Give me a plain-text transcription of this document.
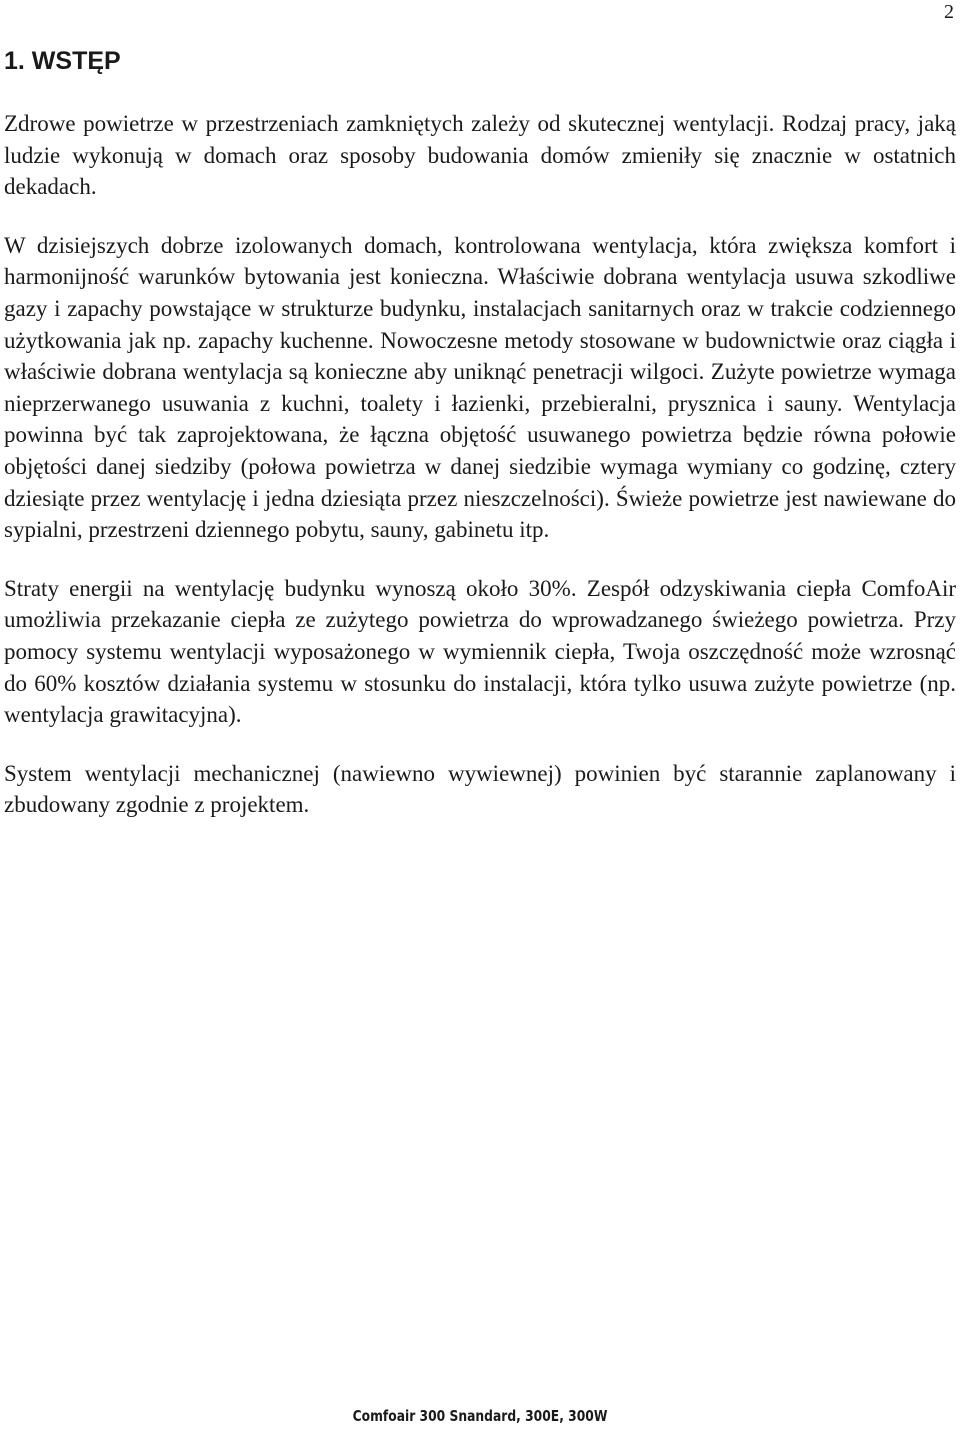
2
1. WSTĘP

Zdrowe powietrze w przestrzeniach zamkniętych zależy od skutecznej wentylacji. Rodzaj pracy, jaką ludzie wykonują w domach oraz sposoby budowania domów zmieniły się znacznie w ostatnich dekadach.

W dzisiejszych dobrze izolowanych domach, kontrolowana wentylacja, która zwiększa komfort i harmonijność warunków bytowania jest konieczna. Właściwie dobrana wentylacja usuwa szkodliwe gazy i zapachy powstające w strukturze budynku, instalacjach sanitarnych oraz w trakcie codziennego użytkowania jak np. zapachy kuchenne. Nowoczesne metody stosowane w budownictwie oraz ciągła i właściwie dobrana wentylacja są konieczne aby uniknąć penetracji wilgoci. Zużyte powietrze wymaga nieprzerwanego usuwania z kuchni, toalety i łazienki, przebieralni, prysznica i sauny. Wentylacja powinna być tak zaprojektowana, że łączna objętość usuwanego powietrza będzie równa połowie objętości danej siedziby (połowa powietrza w danej siedzibie wymaga wymiany co godzinę, cztery dziesiąte przez wentylację i jedna dziesiąta przez nieszczelności). Świeże powietrze jest nawiewane do sypialni, przestrzeni dziennego pobytu, sauny, gabinetu itp.

Straty energii na wentylację budynku wynoszą około 30%. Zespół odzyskiwania ciepła ComfoAir umożliwia przekazanie ciepła ze zużytego powietrza do wprowadzanego świeżego powietrza. Przy pomocy systemu wentylacji wyposażonego w wymiennik ciepła, Twoja oszczędność może wzrosnąć do 60% kosztów działania systemu w stosunku do instalacji, która tylko usuwa zużyte powietrze (np. wentylacja grawitacyjna).

System wentylacji mechanicznej (nawiewno wywiewnej) powinien być starannie zaplanowany i zbudowany zgodnie z projektem.

Comfoair 300 Snandard, 300E, 300W
